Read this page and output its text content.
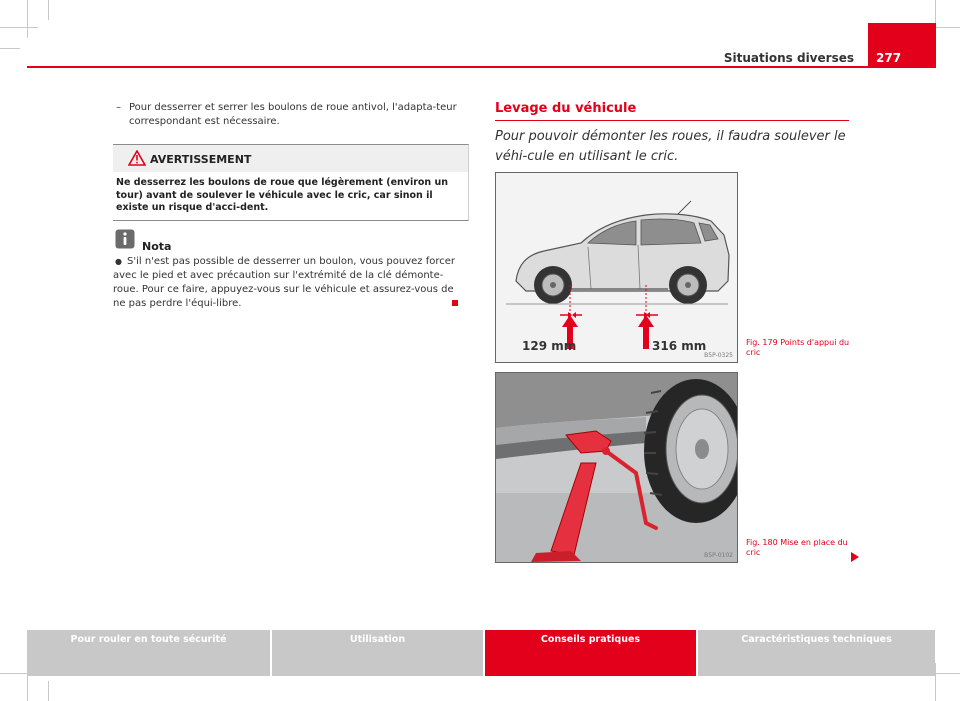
Situations diverses 277
– Pour desserrer et serrer les boulons de roue antivol, l'adapta-teur correspondant est nécessaire.
AVERTISSEMENT
Ne desserrez les boulons de roue que légèrement (environ un tour) avant de soulever le véhicule avec le cric, car sinon il existe un risque d'acci-dent.
Nota
● S'il n'est pas possible de desserrer un boulon, vous pouvez forcer avec le pied et avec précaution sur l'extrémité de la clé démonte-roue. Pour ce faire, appuyez-vous sur le véhicule et assurez-vous de ne pas perdre l'équi-libre.
Levage du véhicule
Pour pouvoir démonter les roues, il faudra soulever le véhi-cule en utilisant le cric.
129 mm	316 mm
B5P-0325
Fig. 179 Points d'appui du cric
B5P-0102
Fig. 180 Mise en place du cric
Pour rouler en toute sécurité	Utilisation	Conseils pratiques	Caractéristiques techniques
